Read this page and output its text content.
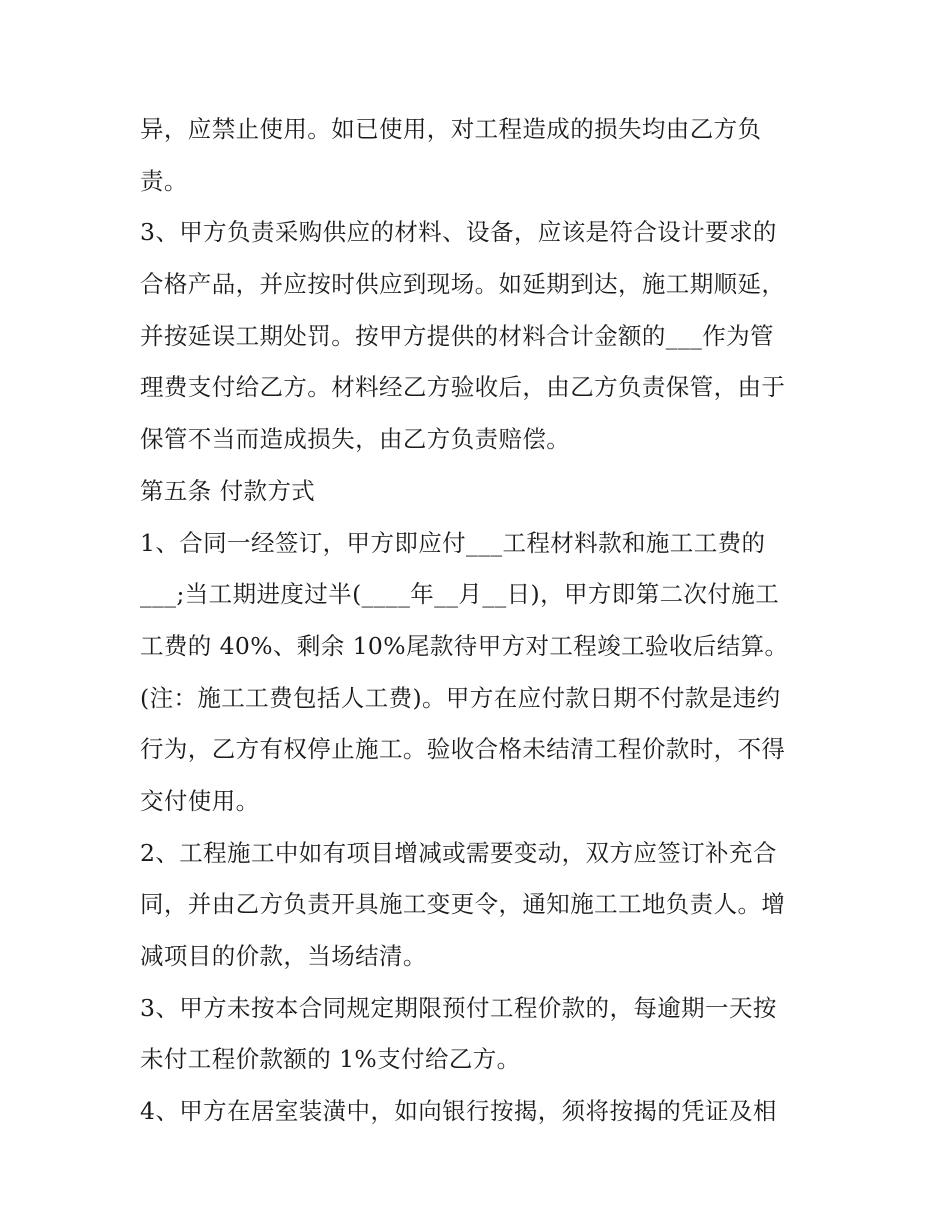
异，应禁止使用。如已使用，对工程造成的损失均由乙方负
责。
3、甲方负责采购供应的材料、设备，应该是符合设计要求的
合格产品，并应按时供应到现场。如延期到达，施工期顺延，
并按延误工期处罚。按甲方提供的材料合计金额的___作为管
理费支付给乙方。材料经乙方验收后，由乙方负责保管，由于
保管不当而造成损失，由乙方负责赔偿。
第五条 付款方式
1、合同一经签订，甲方即应付___工程材料款和施工工费的
___;当工期进度过半(____年__月__日)，甲方即第二次付施工
工费的 40%、剩余 10%尾款待甲方对工程竣工验收后结算。
(注：施工工费包括人工费)。甲方在应付款日期不付款是违约
行为，乙方有权停止施工。验收合格未结清工程价款时，不得
交付使用。
2、工程施工中如有项目增减或需要变动，双方应签订补充合
同，并由乙方负责开具施工变更令，通知施工工地负责人。增
减项目的价款，当场结清。
3、甲方未按本合同规定期限预付工程价款的，每逾期一天按
未付工程价款额的 1%支付给乙方。
4、甲方在居室装潢中，如向银行按揭，须将按揭的凭证及相
